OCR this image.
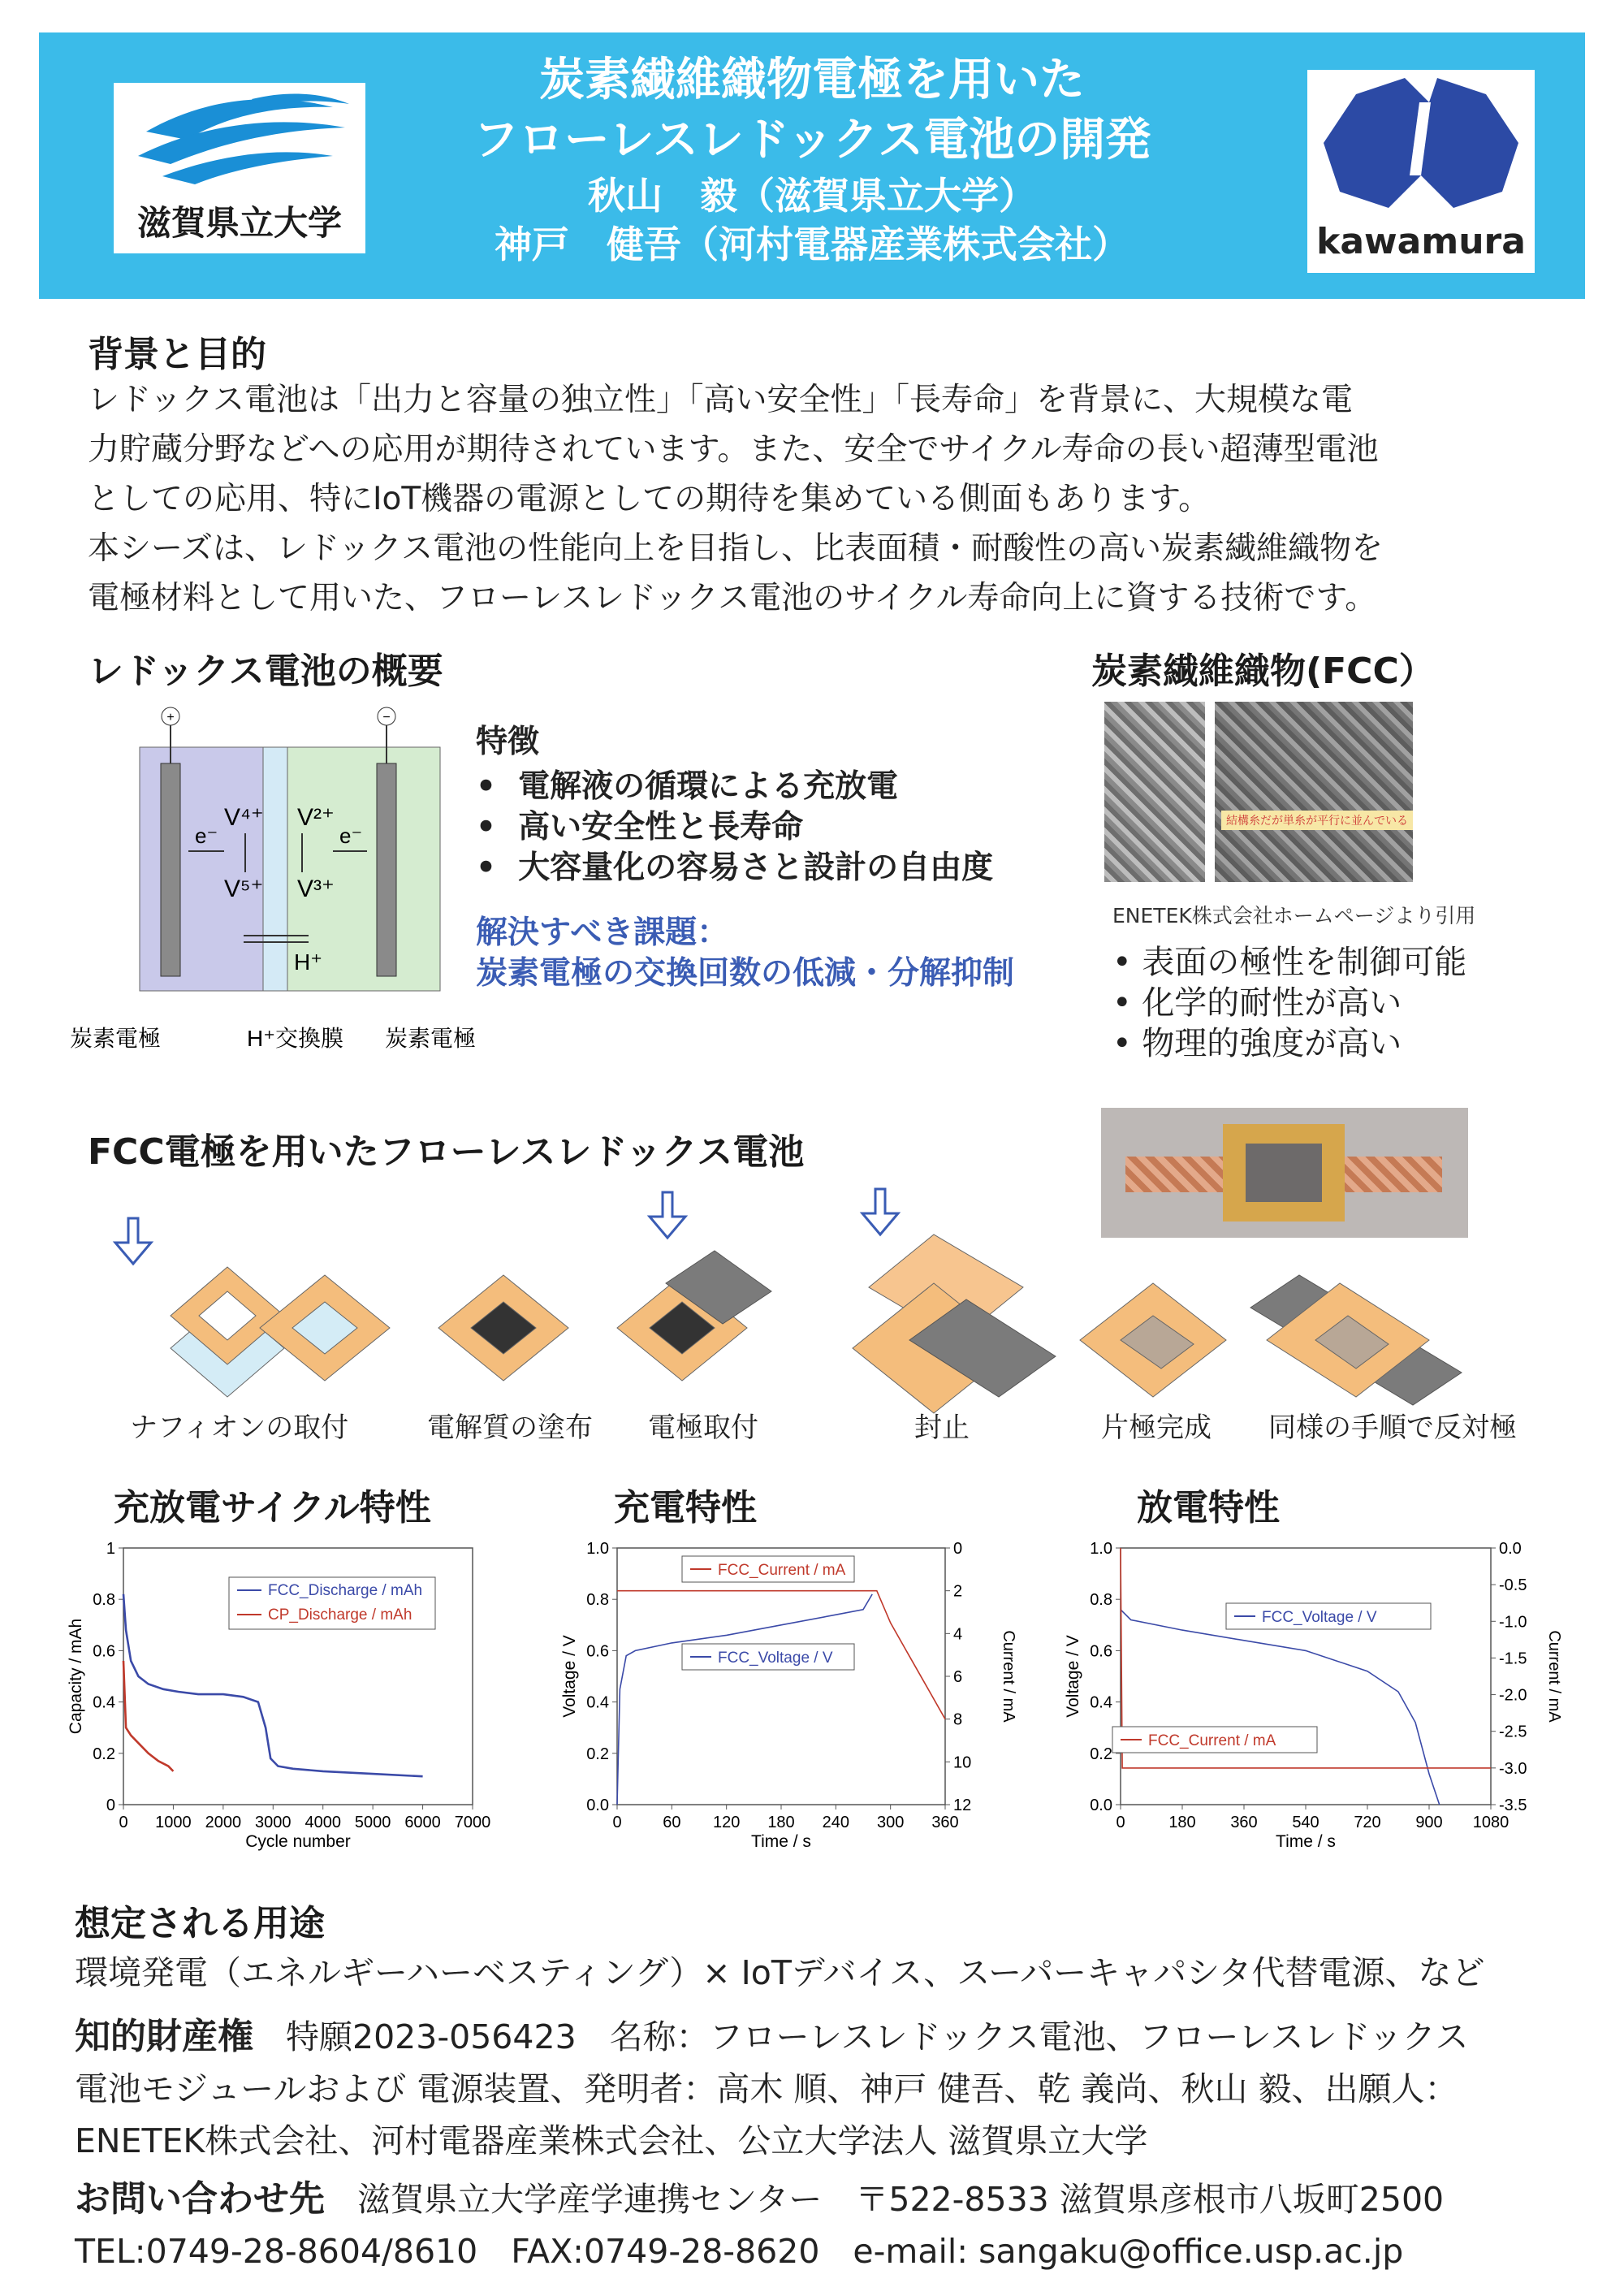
滋賀県立大学
炭素繊維織物電極を用いた
フローレスレドックス電池の開発
秋山　毅（滋賀県立大学）
神戸　健吾（河村電器産業株式会社）	kawamura
背景と目的
レドックス電池は「出力と容量の独立性」「高い安全性」「長寿命」を背景に、大規模な電
力貯蔵分野などへの応用が期待されています。また、安全でサイクル寿命の長い超薄型電池
としての応用、特にIoT機器の電源としての期待を集めている側面もあります。
本シーズは、レドックス電池の性能向上を目指し、比表面積・耐酸性の高い炭素繊維織物を
電極材料として用いた、フローレスレドックス電池のサイクル寿命向上に資する技術です。
レドックス電池の概要
+	−
e⁻	e⁻
V⁴⁺
V⁵⁺
V²⁺
V³⁺
H⁺
炭素電極	H⁺交換膜 炭素電極
特徴
•  電解液の循環による充放電
•  高い安全性と長寿命
•  大容量化の容易さと設計の自由度
解決すべき課題：
炭素電極の交換回数の低減・分解抑制
炭素繊維織物(FCC）
結構糸だが単糸が平行に並んでいる
ENETEK株式会社ホームページより引用
• 表面の極性を制御可能
• 化学的耐性が高い
• 物理的強度が高い
FCC電極を用いたフローレスレドックス電池
ナフィオンの取付	電解質の塗布 電極取付	封止	片極完成 同様の手順で反対極
充放電サイクル特性	充電特性	放電特性
0 1000 2000 3000 4000 5000 6000 7000
0
0.2
0.4
0.6
0.8
1
Cycle number
Capacity / mAh
FCC_Discharge / mAh
CP_Discharge / mAh
0	60 120 180 240 300 360
0.0
0.2
0.4
0.6
0.8
1.0	0
2
4
6
8
10
12
Current / mA
Time / s
Voltage / V
FCC_Current / mA
FCC_Voltage / V
0	180 360 540 720 900 1080
0.0
0.2
0.4
0.6
0.8
1.0	0.0
-0.5
-1.0
-1.5
-2.0
-2.5
-3.0
-3.5
Current / mA
Time / s
Voltage / V
FCC_Voltage / V
FCC_Current / mA
想定される用途
環境発電（エネルギーハーベスティング）× IoTデバイス、スーパーキャパシタ代替電源、など
知的財産権 特願2023-056423　名称：フローレスレドックス電池、フローレスレドックス
電池モジュールおよび 電源装置、発明者：高木 順、神戸 健吾、乾 義尚、秋山 毅、出願人：
ENETEK株式会社、河村電器産業株式会社、公立大学法人 滋賀県立大学
お問い合わせ先 滋賀県立大学産学連携センター　〒522-8533 滋賀県彦根市八坂町2500
TEL:0749-28-8604/8610　FAX:0749-28-8620　e-mail: sangaku@office.usp.ac.jp
